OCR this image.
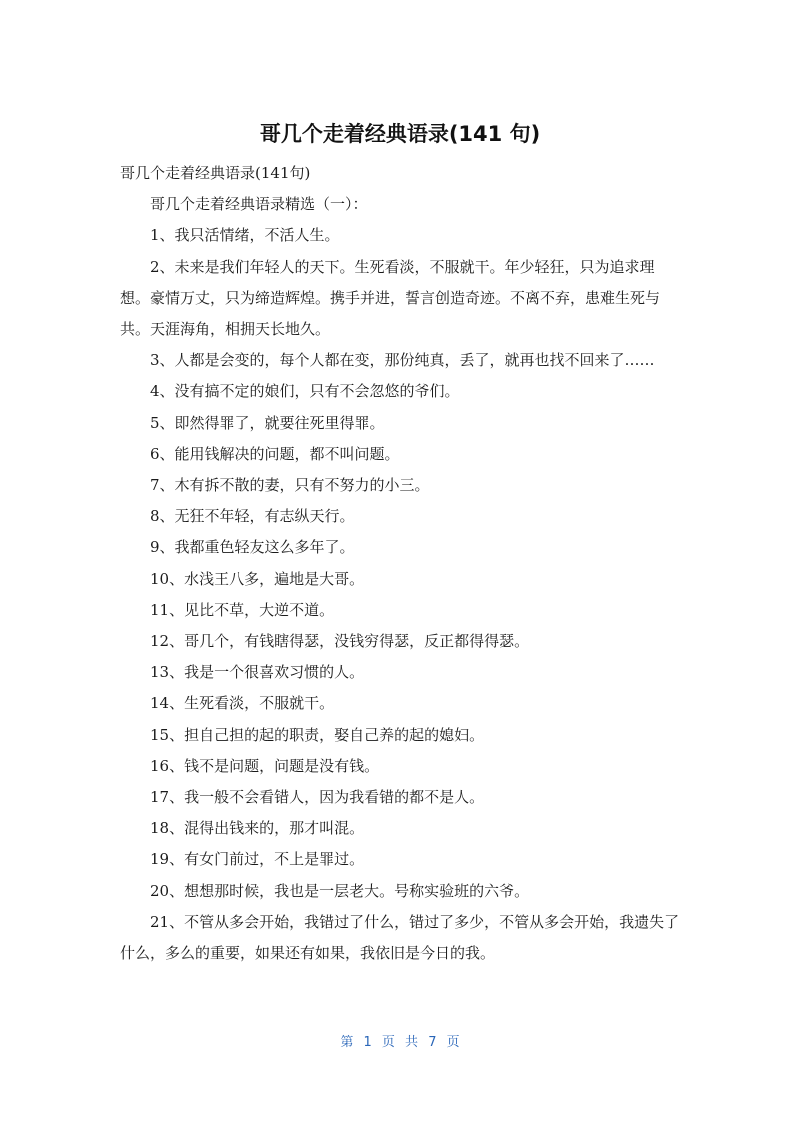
哥几个走着经典语录(141 句)

哥几个走着经典语录(141句)

哥几个走着经典语录精选（一）：

1、我只活情绪，不活人生。

2、未来是我们年轻人的天下。生死看淡，不服就干。年少轻狂，只为追求理想。豪情万丈，只为缔造辉煌。携手并进，誓言创造奇迹。不离不弃，患难生死与共。天涯海角，相拥天长地久。

3、人都是会变的，每个人都在变，那份纯真，丢了，就再也找不回来了……

4、没有搞不定的娘们，只有不会忽悠的爷们。

5、即然得罪了，就要往死里得罪。

6、能用钱解决的问题，都不叫问题。

7、木有拆不散的妻，只有不努力的小三。

8、无狂不年轻，有志纵天行。

9、我都重色轻友这么多年了。

10、水浅王八多，遍地是大哥。

11、见比不草，大逆不道。

12、哥几个，有钱瞎得瑟，没钱穷得瑟，反正都得得瑟。

13、我是一个很喜欢习惯的人。

14、生死看淡，不服就干。

15、担自己担的起的职责，娶自己养的起的媳妇。

16、钱不是问题，问题是没有钱。

17、我一般不会看错人，因为我看错的都不是人。

18、混得出钱来的，那才叫混。

19、有女门前过，不上是罪过。

20、想想那时候，我也是一层老大。号称实验班的六爷。

21、不管从多会开始，我错过了什么，错过了多少，不管从多会开始，我遗失了什么，多么的重要，如果还有如果，我依旧是今日的我。

第 1 页 共 7 页
